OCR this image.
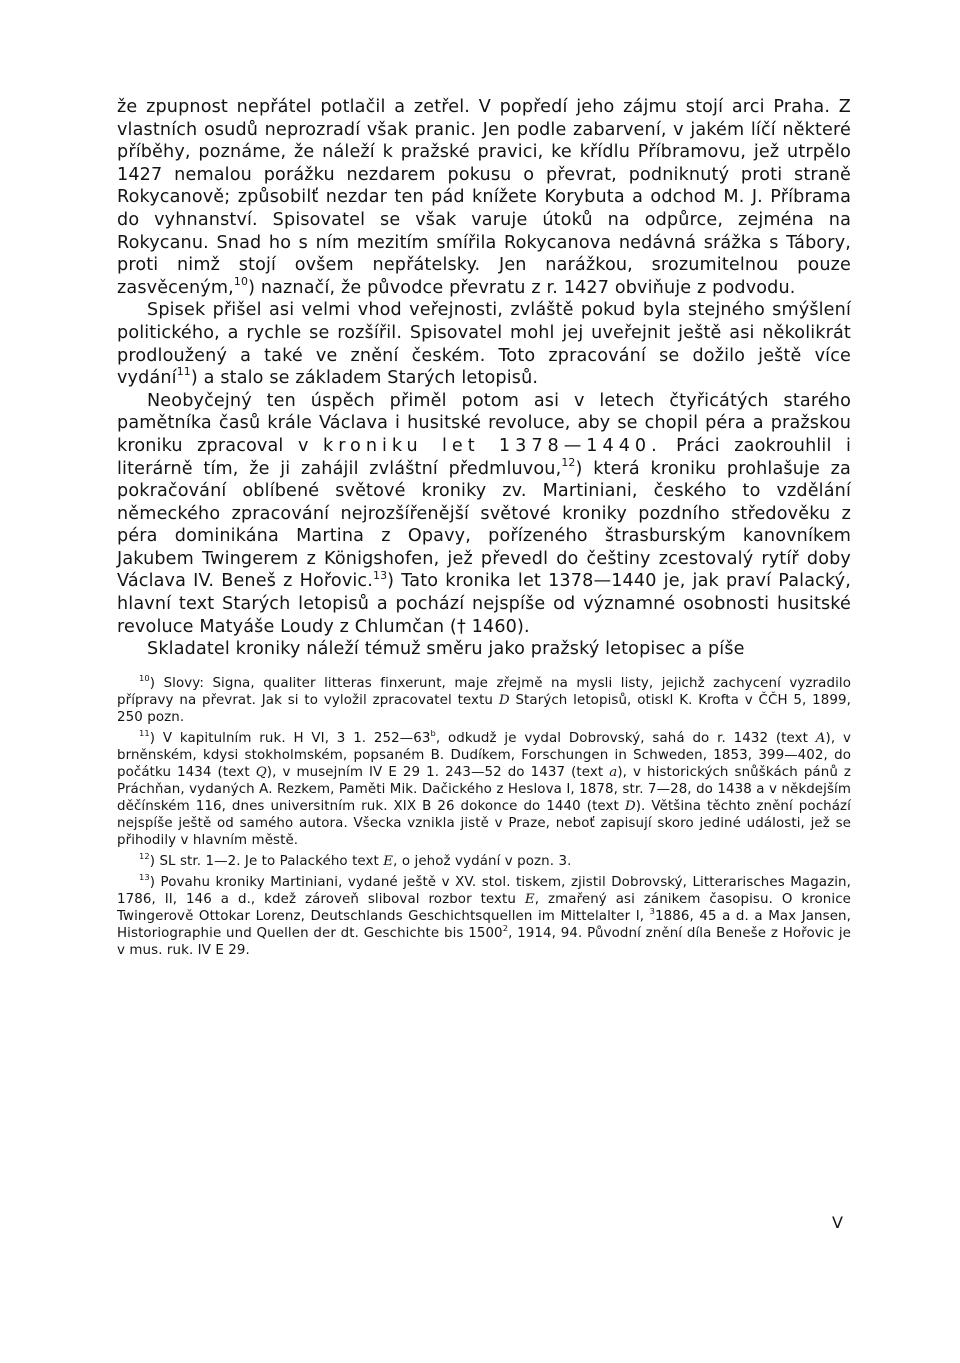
že zpupnost nepřátel potlačil a zetřel. V popředí jeho zájmu stojí arci Praha. Z vlastních osudů neprozradí však pranic. Jen podle zabarvení, v jakém líčí některé příběhy, poznáme, že náleží k pražské pravici, ke křídlu Příbramovu, jež utrpělo 1427 nemalou porážku nezdarem pokusu o převrat, podniknutý proti straně Rokycanově; způsobilť nezdar ten pád knížete Korybuta a odchod M. J. Příbrama do vyhnanství. Spisovatel se však varuje útoků na odpůrce, zejména na Rokycanu. Snad ho s ním mezitím smířila Rokycanova nedávná srážka s Tábory, proti nimž stojí ovšem nepřátelsky. Jen narážkou, srozumitelnou pouze zasvěceným,$^{10}$) naznačí, že původce převratu z r. 1427 obviňuje z podvodu.

Spisek přišel asi velmi vhod veřejnosti, zvláště pokud byla stejného smýšlení politického, a rychle se rozšířil. Spisovatel mohl jej uveřejnit ještě asi několikrát prodloužený a také ve znění českém. Toto zpracování se dožilo ještě více vydání$^{11}$) a stalo se základem Starých letopisů.

Neobyčejný ten úspěch přiměl potom asi v letech čtyřicátých starého pamětníka časů krále Václava i husitské revoluce, aby se chopil péra a pražskou kroniku zpracoval v kroniku let 1378—1440. Práci zaokrouhlil i literárně tím, že ji zahájil zvláštní předmluvou,$^{12}$) která kroniku prohlašuje za pokračování oblíbené světové kroniky zv. Martiniani, českého to vzdělání německého zpracování nejrozšířenější světové kroniky pozdního středověku z péra dominikána Martina z Opavy, pořízeného štrasburským kanovníkem Jakubem Twingerem z Königshofen, jež převedl do češtiny zcestovalý rytíř doby Václava IV. Beneš z Hořovic.$^{13}$) Tato kronika let 1378—1440 je, jak praví Palacký, hlavní text Starých letopisů a pochází nejspíše od významné osobnosti husitské revoluce Matyáše Loudy z Chlumčan († 1460).

Skladatel kroniky náleží témuž směru jako pražský letopisec a píše

$^{10}$) Slovy: Signa, qualiter litteras finxerunt, maje zřejmě na mysli listy, jejichž zachycení vyzradilo přípravy na převrat. Jak si to vyložil zpracovatel textu D Starých letopisů, otiskl K. Krofta v ČČH 5, 1899, 250 pozn.

$^{11}$) V kapitulním ruk. H VI, 3 1. 252—63$^b$, odkudž je vydal Dobrovský, sahá do r. 1432 (text A), v brněnském, kdysi stokholmském, popsaném B. Dudíkem, Forschungen in Schweden, 1853, 399—402, do počátku 1434 (text Q), v musejním IV E 29 1. 243—52 do 1437 (text a), v historických snůškách pánů z Práchňan, vydaných A. Rezkem, Paměti Mik. Dačického z Heslova I, 1878, str. 7—28, do 1438 a v někdejším děčínském 116, dnes universitním ruk. XIX B 26 dokonce do 1440 (text D). Většina těchto znění pochází nejspíše ještě od samého autora. Všecka vznikla jistě v Praze, neboť zapisují skoro jediné události, jež se přihodily v hlavním městě.

$^{12}$) SL str. 1—2. Je to Palackého text E, o jehož vydání v pozn. 3.

$^{13}$) Povahu kroniky Martiniani, vydané ještě v XV. stol. tiskem, zjistil Dobrovský, Litterarisches Magazin, 1786, II, 146 a d., kdež zároveň sliboval rozbor textu E, zmařený asi zánikem časopisu. O kronice Twingerově Ottokar Lorenz, Deutschlands Geschichtsquellen im Mittelalter I, $^3$1886, 45 a d. a Max Jansen, Historiographie und Quellen der dt. Geschichte bis 1500$^2$, 1914, 94. Původní znění díla Beneše z Hořovic je v mus. ruk. IV E 29.

V
